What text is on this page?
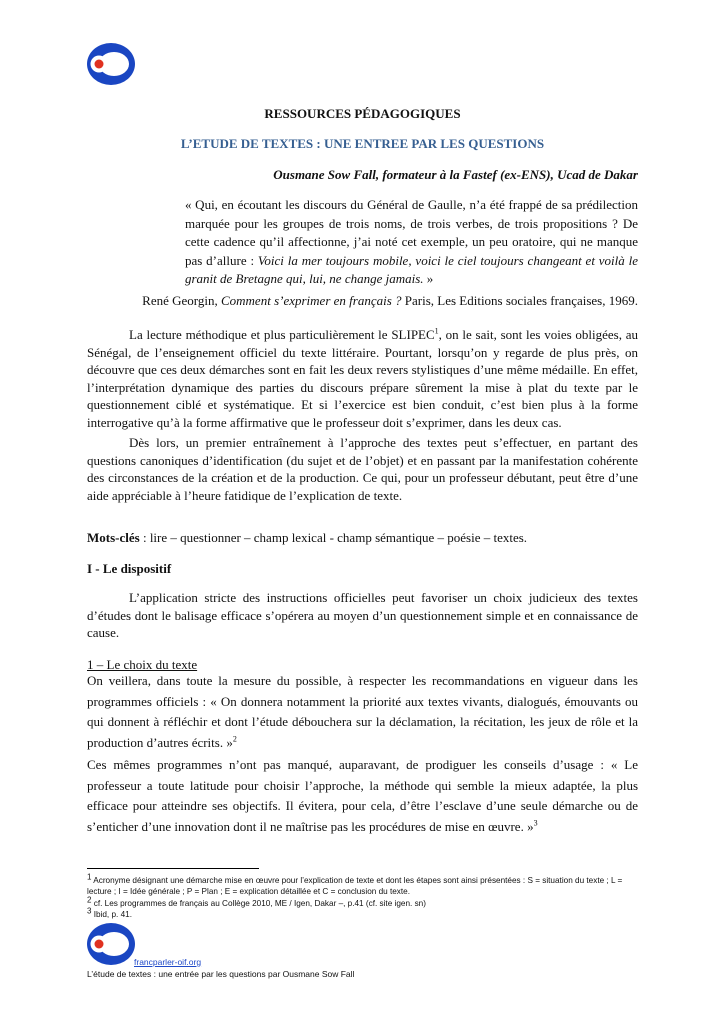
RESSOURCES PÉDAGOGIQUES
L’ETUDE DE TEXTES : UNE ENTREE PAR LES QUESTIONS
Ousmane Sow Fall, formateur à la Fastef (ex-ENS), Ucad de Dakar
« Qui, en écoutant les discours du Général de Gaulle, n’a été frappé de sa prédilection marquée pour les groupes de trois noms, de trois verbes, de trois propositions ? De cette cadence qu’il affectionne, j’ai noté cet exemple, un peu oratoire, qui ne manque pas d’allure : Voici la mer toujours mobile, voici le ciel toujours changeant et voilà le granit de Bretagne qui, lui, ne change jamais. »
René Georgin, Comment s’exprimer en français ? Paris, Les Editions sociales françaises, 1969.
La lecture méthodique et plus particulièrement le SLIPEC$^1$, on le sait, sont les voies obligées, au Sénégal, de l’enseignement officiel du texte littéraire. Pourtant, lorsqu’on y regarde de plus près, on découvre que ces deux démarches sont en fait les deux revers stylistiques d’une même médaille. En effet, l’interprétation dynamique des parties du discours prépare sûrement la mise à plat du texte par le questionnement ciblé et systématique. Et si l’exercice est bien conduit, c’est bien plus à la forme interrogative qu’à la forme affirmative que le professeur doit s’exprimer, dans les deux cas.
Dès lors, un premier entraînement à l’approche des textes peut s’effectuer, en partant des questions canoniques d’identification (du sujet et de l’objet) et en passant par la manifestation cohérente des circonstances de la création et de la production. Ce qui, pour un professeur débutant, peut être d’une aide appréciable à l’heure fatidique de l’explication de texte.
Mots-clés : lire – questionner – champ lexical - champ sémantique – poésie – textes.
I - Le dispositif
L’application stricte des instructions officielles peut favoriser un choix judicieux des textes d’études dont le balisage efficace s’opérera au moyen d’un questionnement simple et en connaissance de cause.
1 – Le choix du texte
On veillera, dans toute la mesure du possible, à respecter les recommandations en vigueur dans les programmes officiels : « On donnera notamment la priorité aux textes vivants, dialogués, émouvants ou qui donnent à réfléchir et dont l’étude débouchera sur la déclamation, la récitation, les jeux de rôle et la production d’autres écrits. »$^2$
Ces mêmes programmes n’ont pas manqué, auparavant, de prodiguer les conseils d’usage : « Le professeur a toute latitude pour choisir l’approche, la méthode qui semble la mieux adaptée, la plus efficace pour atteindre ses objectifs. Il évitera, pour cela, d’être l’esclave d’une seule démarche ou de s’enticher d’une innovation dont il ne maîtrise pas les procédures de mise en œuvre. »$^3$
$^1$ Acronyme désignant une démarche mise en œuvre pour l’explication de texte et dont les étapes sont ainsi présentées : S = situation du texte ; L = lecture ; I = Idée générale ; P = Plan ; E = explication détaillée et C = conclusion du texte.
$^2$ cf. Les programmes de français au Collège 2010, ME / Igen, Dakar –, p.41 (cf. site igen. sn)
$^3$ Ibid, p. 41.
francparler-oif.org
L’étude de textes : une entrée par les questions par Ousmane Sow Fall
